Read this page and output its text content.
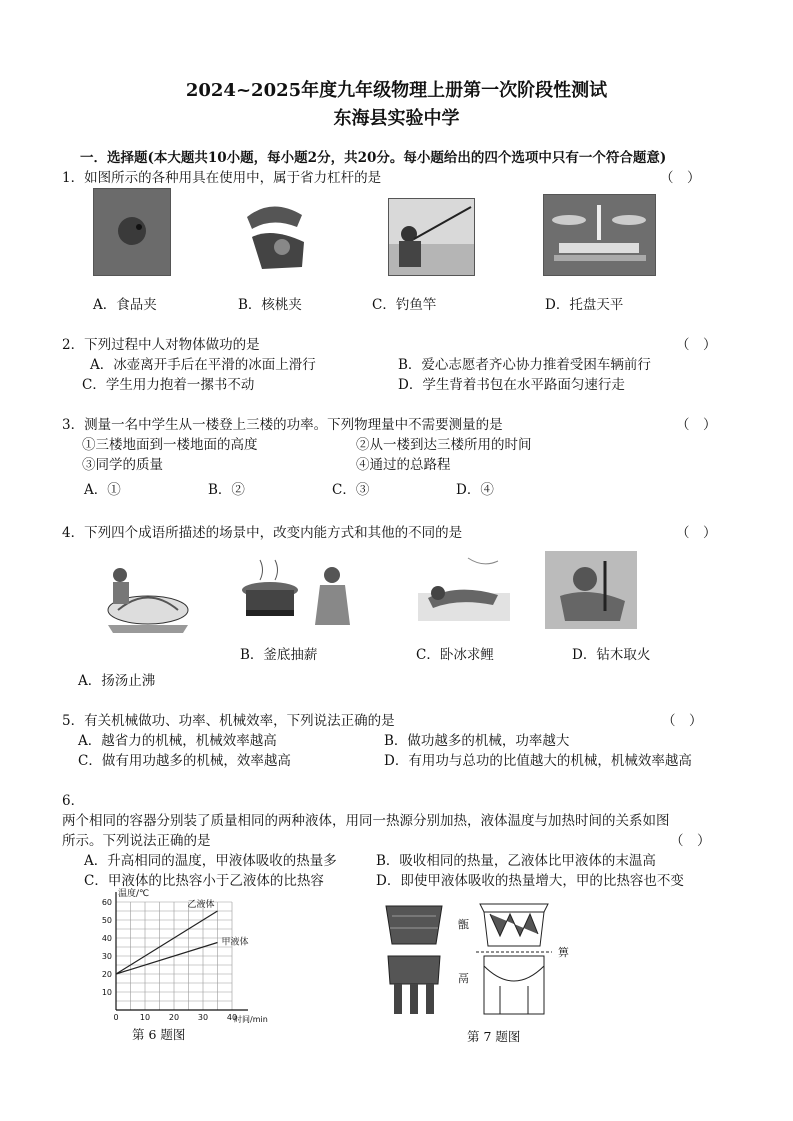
2024~2025年度九年级物理上册第一次阶段性测试
东海县实验中学
一．选择题(本大题共10小题，每小题2分，共20分。每小题给出的四个选项中只有一个符合题意)
1．如图所示的各种用具在使用中，属于省力杠杆的是	（　）
A．食品夹	B．核桃夹	C．钓鱼竿	D．托盘天平
2．下列过程中人对物体做功的是	（　）
A．冰壶离开手后在平滑的冰面上滑行	B．爱心志愿者齐心协力推着受困车辆前行
C．学生用力抱着一摞书不动	D．学生背着书包在水平路面匀速行走
3．测量一名中学生从一楼登上三楼的功率。下列物理量中不需要测量的是	（　）
①三楼地面到一楼地面的高度	②从一楼到达三楼所用的时间
③同学的质量	④通过的总路程
A．①	B．②	C．③	D．④
4．下列四个成语所描述的场景中，改变内能方式和其他的不同的是	（　）
B．釜底抽薪	C．卧冰求鲤	D．钻木取火
A．扬汤止沸
5．有关机械做功、功率、机械效率，下列说法正确的是	（　）
A．越省力的机械，机械效率越高	B．做功越多的机械，功率越大
C．做有用功越多的机械，效率越高	D．有用功与总功的比值越大的机械，机械效率越高
6．
两个相同的容器分别装了质量相同的两种液体，用同一热源分别加热，液体温度与加热时间的关系如图
所示。下列说法正确的是	（　）
A．升高相同的温度，甲液体吸收的热量多	B．吸收相同的热量，乙液体比甲液体的末温高
C．甲液体的比热容小于乙液体的比热容	D．即使甲液体吸收的热量增大，甲的比热容也不变
10
20
30
40
50
60
0	10 20 30 40
温度/℃
时间/min
乙液体
甲液体
第 6 题图
甑
鬲
箅
第 7 题图
